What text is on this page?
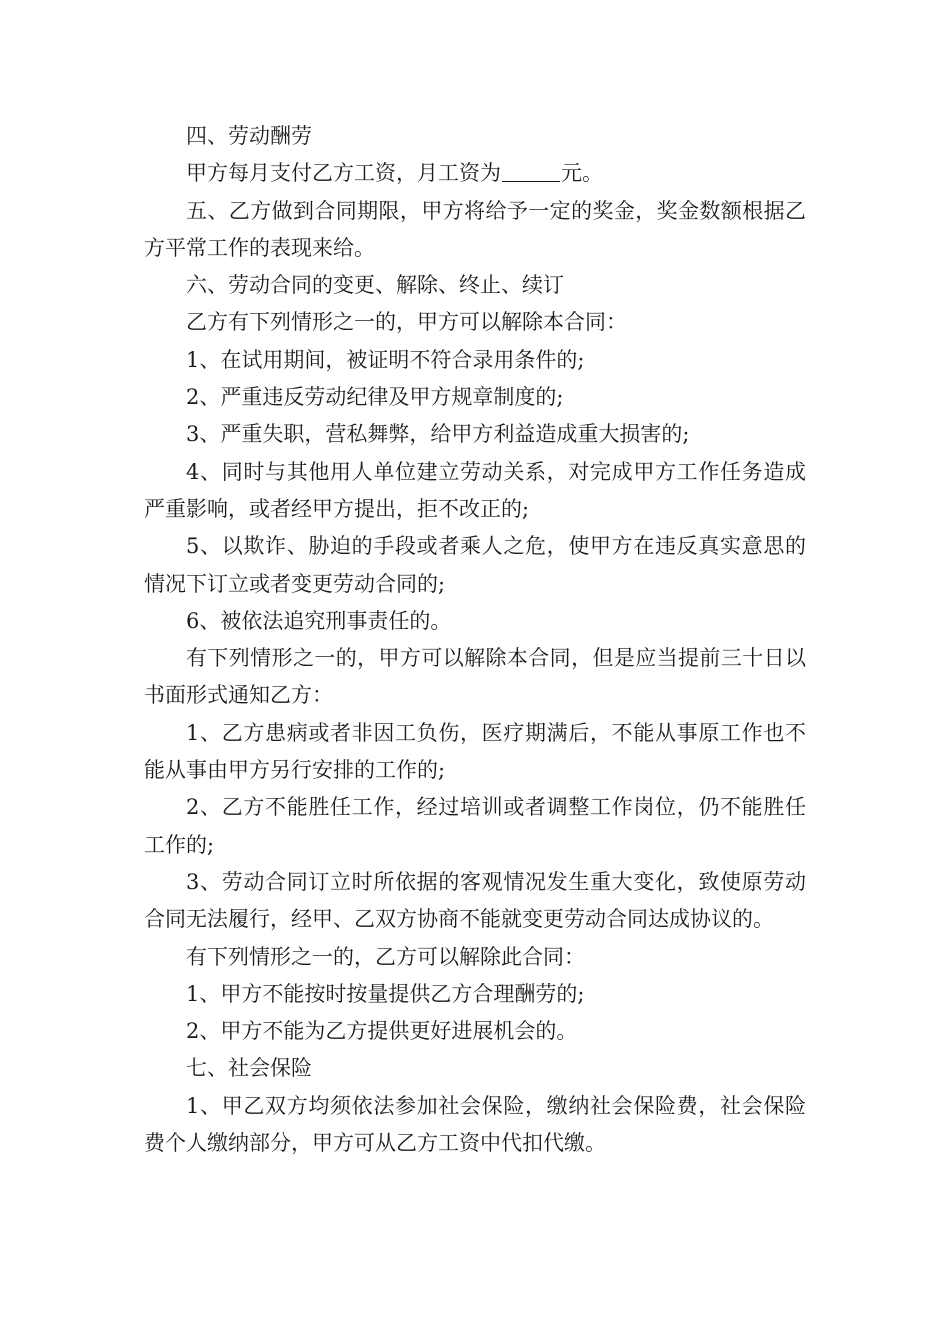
四、劳动酬劳

甲方每月支付乙方工资，月工资为	元。

五、乙方做到合同期限，甲方将给予一定的奖金，奖金数额根据乙方平常工作的表现来给。

六、劳动合同的变更、解除、终止、续订

乙方有下列情形之一的，甲方可以解除本合同：

1、在试用期间，被证明不符合录用条件的;

2、严重违反劳动纪律及甲方规章制度的;

3、严重失职，营私舞弊，给甲方利益造成重大损害的;

4、同时与其他用人单位建立劳动关系，对完成甲方工作任务造成严重影响，或者经甲方提出，拒不改正的;

5、以欺诈、胁迫的手段或者乘人之危，使甲方在违反真实意思的情况下订立或者变更劳动合同的;

6、被依法追究刑事责任的。

有下列情形之一的，甲方可以解除本合同，但是应当提前三十日以书面形式通知乙方：

1、乙方患病或者非因工负伤，医疗期满后，不能从事原工作也不能从事由甲方另行安排的工作的;

2、乙方不能胜任工作，经过培训或者调整工作岗位，仍不能胜任工作的;

3、劳动合同订立时所依据的客观情况发生重大变化，致使原劳动合同无法履行，经甲、乙双方协商不能就变更劳动合同达成协议的。

有下列情形之一的，乙方可以解除此合同：

1、甲方不能按时按量提供乙方合理酬劳的;

2、甲方不能为乙方提供更好进展机会的。

七、社会保险

1、甲乙双方均须依法参加社会保险，缴纳社会保险费，社会保险费个人缴纳部分，甲方可从乙方工资中代扣代缴。
